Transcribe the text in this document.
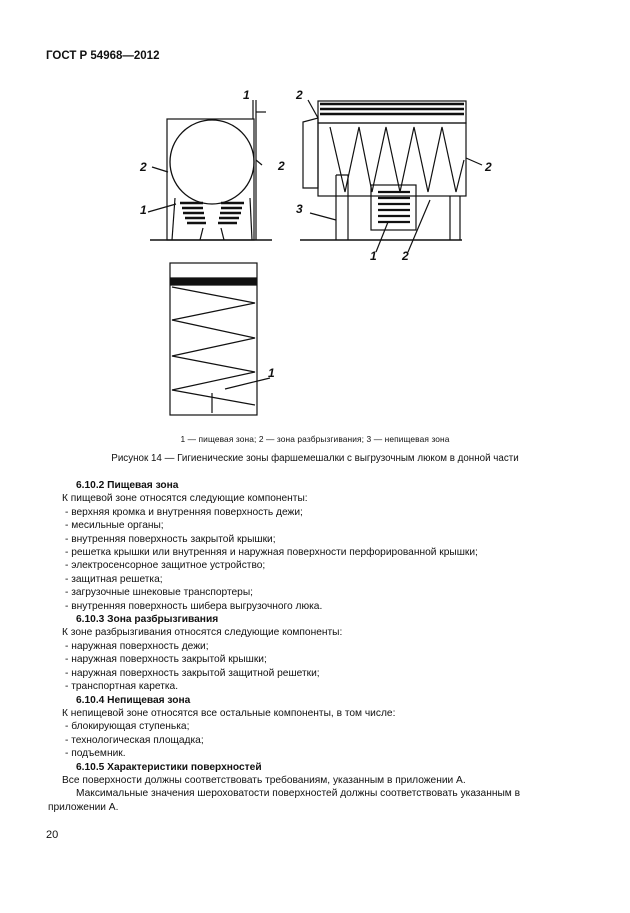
ГОСТ Р 54968—2012
1
2	2
1
2
2
3
1 2
1
1 — пищевая зона; 2 — зона разбрызгивания; 3 — непищевая зона
Рисунок 14 — Гигиенические зоны фаршемешалки с выгрузочным люком в донной части

6.10.2 Пищевая зона

К пищевой зоне относятся следующие компоненты:

- верхняя кромка и внутренняя поверхность дежи;

- месильные органы;

- внутренняя поверхность закрытой крышки;

- решетка крышки или внутренняя и наружная поверхности перфорированной крышки;

- электросенсорное защитное устройство;

- защитная решетка;

- загрузочные шнековые транспортеры;

- внутренняя поверхность шибера выгрузочного люка.

6.10.3 Зона разбрызгивания

К зоне разбрызгивания относятся следующие компоненты:

- наружная поверхность дежи;

- наружная поверхность закрытой крышки;

- наружная поверхность закрытой защитной решетки;

- транспортная каретка.

6.10.4 Непищевая зона

К непищевой зоне относятся все остальные компоненты, в том числе:

- блокирующая ступенька;

- технологическая площадка;

- подъемник.

6.10.5 Характеристики поверхностей

Все поверхности должны соответствовать требованиям, указанным в приложении А.

Максимальные значения шероховатости поверхностей должны соответствовать указанным в

приложении А.

20
